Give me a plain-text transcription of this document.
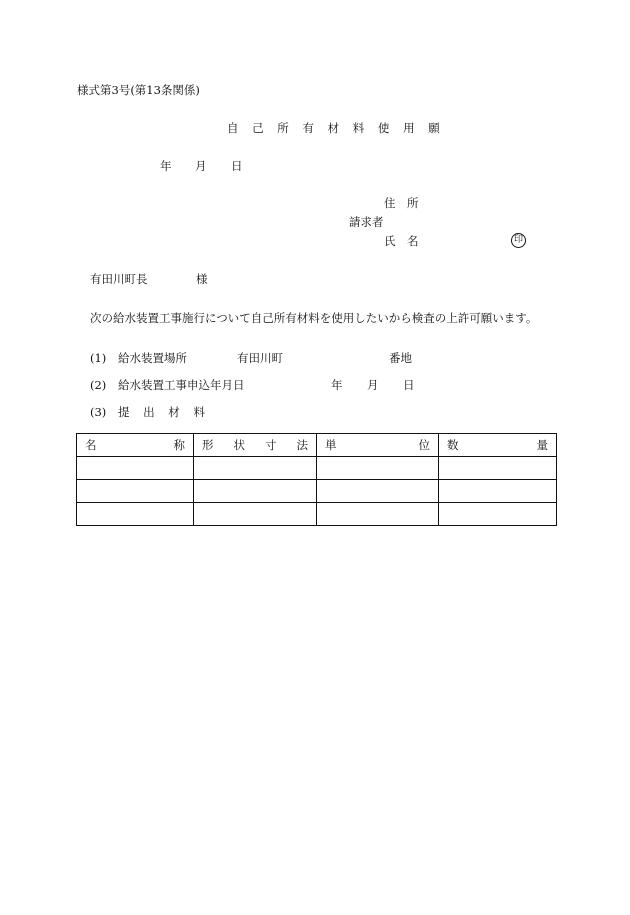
様式第3号(第13条関係)
自 己 所 有 材 料 使 用 願
年 月 日
住　所
請求者
氏　名	印
有田川町長	様
次の給水装置工事施行について自己所有材料を使用したいから検査の上許可願います。
(1) 給水装置場所	有田川町	番地
(2) 給水装置工事申込年月日	年 月 日
(3) 提 出 材 料
名 称	形 状 寸 法	単 位	数 量
